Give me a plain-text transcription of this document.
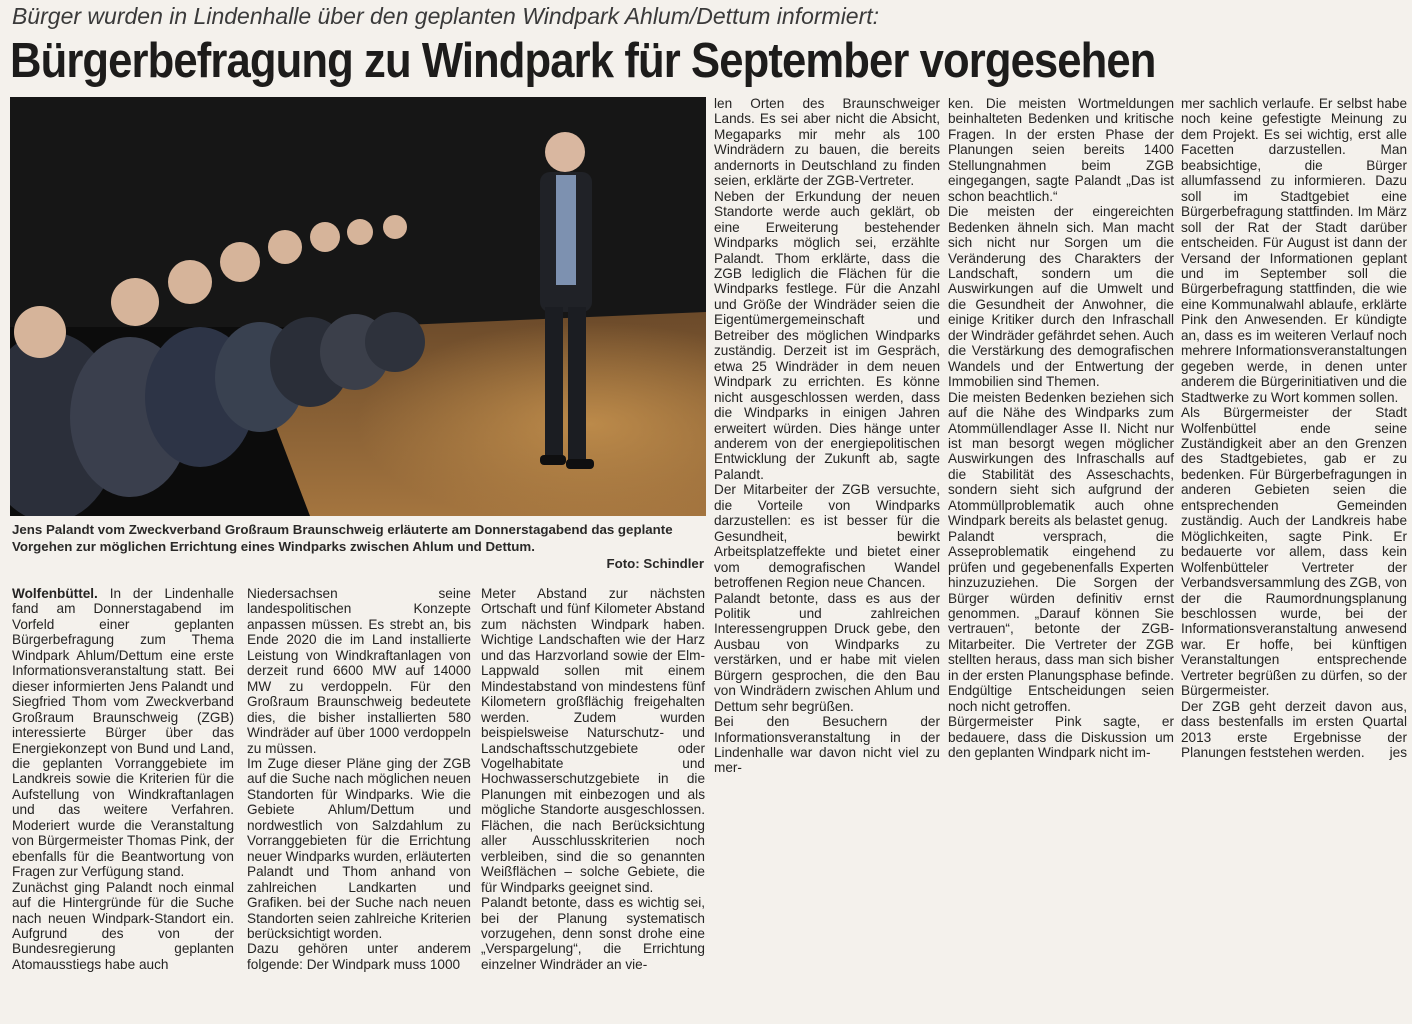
Bürger wurden in Lindenhalle über den geplanten Windpark Ahlum/Dettum informiert:
Bürgerbefragung zu Windpark für September vorgesehen
Jens Palandt vom Zweckverband Großraum Braunschweig erläuterte am Donnerstagabend das geplante Vorgehen zur möglichen Errichtung eines Windparks zwischen Ahlum und Dettum.
Foto: Schindler

Wolfenbüttel. In der Lindenhalle fand am Donnerstagabend im Vorfeld einer geplanten Bürgerbefragung zum Thema Windpark Ahlum/Dettum eine erste Informationsveranstaltung statt. Bei dieser informierten Jens Palandt und Siegfried Thom vom Zweckverband Großraum Braunschweig (ZGB) interessierte Bürger über das Energiekonzept von Bund und Land, die geplanten Vorranggebiete im Landkreis sowie die Kriterien für die Aufstellung von Windkraftanlagen und das weitere Verfahren. Moderiert wurde die Veranstaltung von Bürgermeister Thomas Pink, der ebenfalls für die Beantwortung von Fragen zur Verfügung stand.

Zunächst ging Palandt noch einmal auf die Hintergründe für die Suche nach neuen Windpark-Standort ein. Aufgrund des von der Bundesregierung geplanten Atomausstiegs habe auch

Niedersachsen seine landespolitischen Konzepte anpassen müssen. Es strebt an, bis Ende 2020 die im Land installierte Leistung von Windkraftanlagen von derzeit rund 6600 MW auf 14000 MW zu verdoppeln. Für den Großraum Braunschweig bedeutete dies, die bisher installierten 580 Windräder auf über 1000 verdoppeln zu müssen.

Im Zuge dieser Pläne ging der ZGB auf die Suche nach möglichen neuen Standorten für Windparks. Wie die Gebiete Ahlum/Dettum und nordwestlich von Salzdahlum zu Vorranggebieten für die Errichtung neuer Windparks wurden, erläuterten Palandt und Thom anhand von zahlreichen Landkarten und Grafiken. bei der Suche nach neuen Standorten seien zahlreiche Kriterien berücksichtigt worden.

Dazu gehören unter anderem folgende: Der Windpark muss 1000

Meter Abstand zur nächsten Ortschaft und fünf Kilometer Abstand zum nächsten Windpark haben. Wichtige Landschaften wie der Harz und das Harzvorland sowie der Elm-Lappwald sollen mit einem Mindestabstand von mindestens fünf Kilometern großflächig freigehalten werden. Zudem wurden beispielsweise Naturschutz- und Landschaftsschutzgebiete oder Vogelhabitate und Hochwasserschutzgebiete in die Planungen mit einbezogen und als mögliche Standorte ausgeschlossen. Flächen, die nach Berücksichtung aller Ausschlusskriterien noch verbleiben, sind die so genannten Weißflächen – solche Gebiete, die für Windparks geeignet sind.

Palandt betonte, dass es wichtig sei, bei der Planung systematisch vorzugehen, denn sonst drohe eine „Verspargelung“, die Errichtung einzelner Windräder an vie-

len Orten des Braunschweiger Lands. Es sei aber nicht die Absicht, Megaparks mir mehr als 100 Windrädern zu bauen, die bereits andernorts in Deutschland zu finden seien, erklärte der ZGB-Vertreter.

Neben der Erkundung der neuen Standorte werde auch geklärt, ob eine Erweiterung bestehender Windparks möglich sei, erzählte Palandt. Thom erklärte, dass die ZGB lediglich die Flächen für die Windparks festlege. Für die Anzahl und Größe der Windräder seien die Eigentümergemeinschaft und Betreiber des möglichen Windparks zuständig. Derzeit ist im Gespräch, etwa 25 Windräder in dem neuen Windpark zu errichten. Es könne nicht ausgeschlossen werden, dass die Windparks in einigen Jahren erweitert würden. Dies hänge unter anderem von der energiepolitischen Entwicklung der Zukunft ab, sagte Palandt.

Der Mitarbeiter der ZGB versuchte, die Vorteile von Windparks darzustellen: es ist besser für die Gesundheit, bewirkt Arbeitsplatzeffekte und bietet einer vom demografischen Wandel betroffenen Region neue Chancen.

Palandt betonte, dass es aus der Politik und zahlreichen Interessengruppen Druck gebe, den Ausbau von Windparks zu verstärken, und er habe mit vielen Bürgern gesprochen, die den Bau von Windrädern zwischen Ahlum und Dettum sehr begrüßen.

Bei den Besuchern der Informationsveranstaltung in der Lindenhalle war davon nicht viel zu mer-

ken. Die meisten Wortmeldungen beinhalteten Bedenken und kritische Fragen. In der ersten Phase der Planungen seien bereits 1400 Stellungnahmen beim ZGB eingegangen, sagte Palandt „Das ist schon beachtlich.“

Die meisten der eingereichten Bedenken ähneln sich. Man macht sich nicht nur Sorgen um die Veränderung des Charakters der Landschaft, sondern um die Auswirkungen auf die Umwelt und die Gesundheit der Anwohner, die einige Kritiker durch den Infraschall der Windräder gefährdet sehen. Auch die Verstärkung des demografischen Wandels und der Entwertung der Immobilien sind Themen.

Die meisten Bedenken beziehen sich auf die Nähe des Windparks zum Atommüllendlager Asse II. Nicht nur ist man besorgt wegen möglicher Auswirkungen des Infraschalls auf die Stabilität des Asseschachts, sondern sieht sich aufgrund der Atommüllproblematik auch ohne Windpark bereits als belastet genug.

Palandt versprach, die Asseproblematik eingehend zu prüfen und gegebenenfalls Experten hinzuzuziehen. Die Sorgen der Bürger würden definitiv ernst genommen. „Darauf können Sie vertrauen“, betonte der ZGB-Mitarbeiter. Die Vertreter der ZGB stellten heraus, dass man sich bisher in der ersten Planungsphase befinde. Endgültige Entscheidungen seien noch nicht getroffen.

Bürgermeister Pink sagte, er bedauere, dass die Diskussion um den geplanten Windpark nicht im-

mer sachlich verlaufe. Er selbst habe noch keine gefestigte Meinung zu dem Projekt. Es sei wichtig, erst alle Facetten darzustellen. Man beabsichtige, die Bürger allumfassend zu informieren. Dazu soll im Stadtgebiet eine Bürgerbefragung stattfinden. Im März soll der Rat der Stadt darüber entscheiden. Für August ist dann der Versand der Informationen geplant und im September soll die Bürgerbefragung stattfinden, die wie eine Kommunalwahl ablaufe, erklärte Pink den Anwesenden. Er kündigte an, dass es im weiteren Verlauf noch mehrere Informationsveranstaltungen gegeben werde, in denen unter anderem die Bürgerinitiativen und die Stadtwerke zu Wort kommen sollen.

Als Bürgermeister der Stadt Wolfenbüttel ende seine Zuständigkeit aber an den Grenzen des Stadtgebietes, gab er zu bedenken. Für Bürgerbefragungen in anderen Gebieten seien die entsprechenden Gemeinden zuständig. Auch der Landkreis habe Möglichkeiten, sagte Pink. Er bedauerte vor allem, dass kein Wolfenbütteler Vertreter der Verbandsversammlung des ZGB, von der die Raumordnungsplanung beschlossen wurde, bei der Informationsveranstaltung anwesend war. Er hoffe, bei künftigen Veranstaltungen entsprechende Vertreter begrüßen zu dürfen, so der Bürgermeister.

Der ZGB geht derzeit davon aus, dass bestenfalls im ersten Quartal 2013 erste Ergebnisse der Planungen feststehen werden. jes
